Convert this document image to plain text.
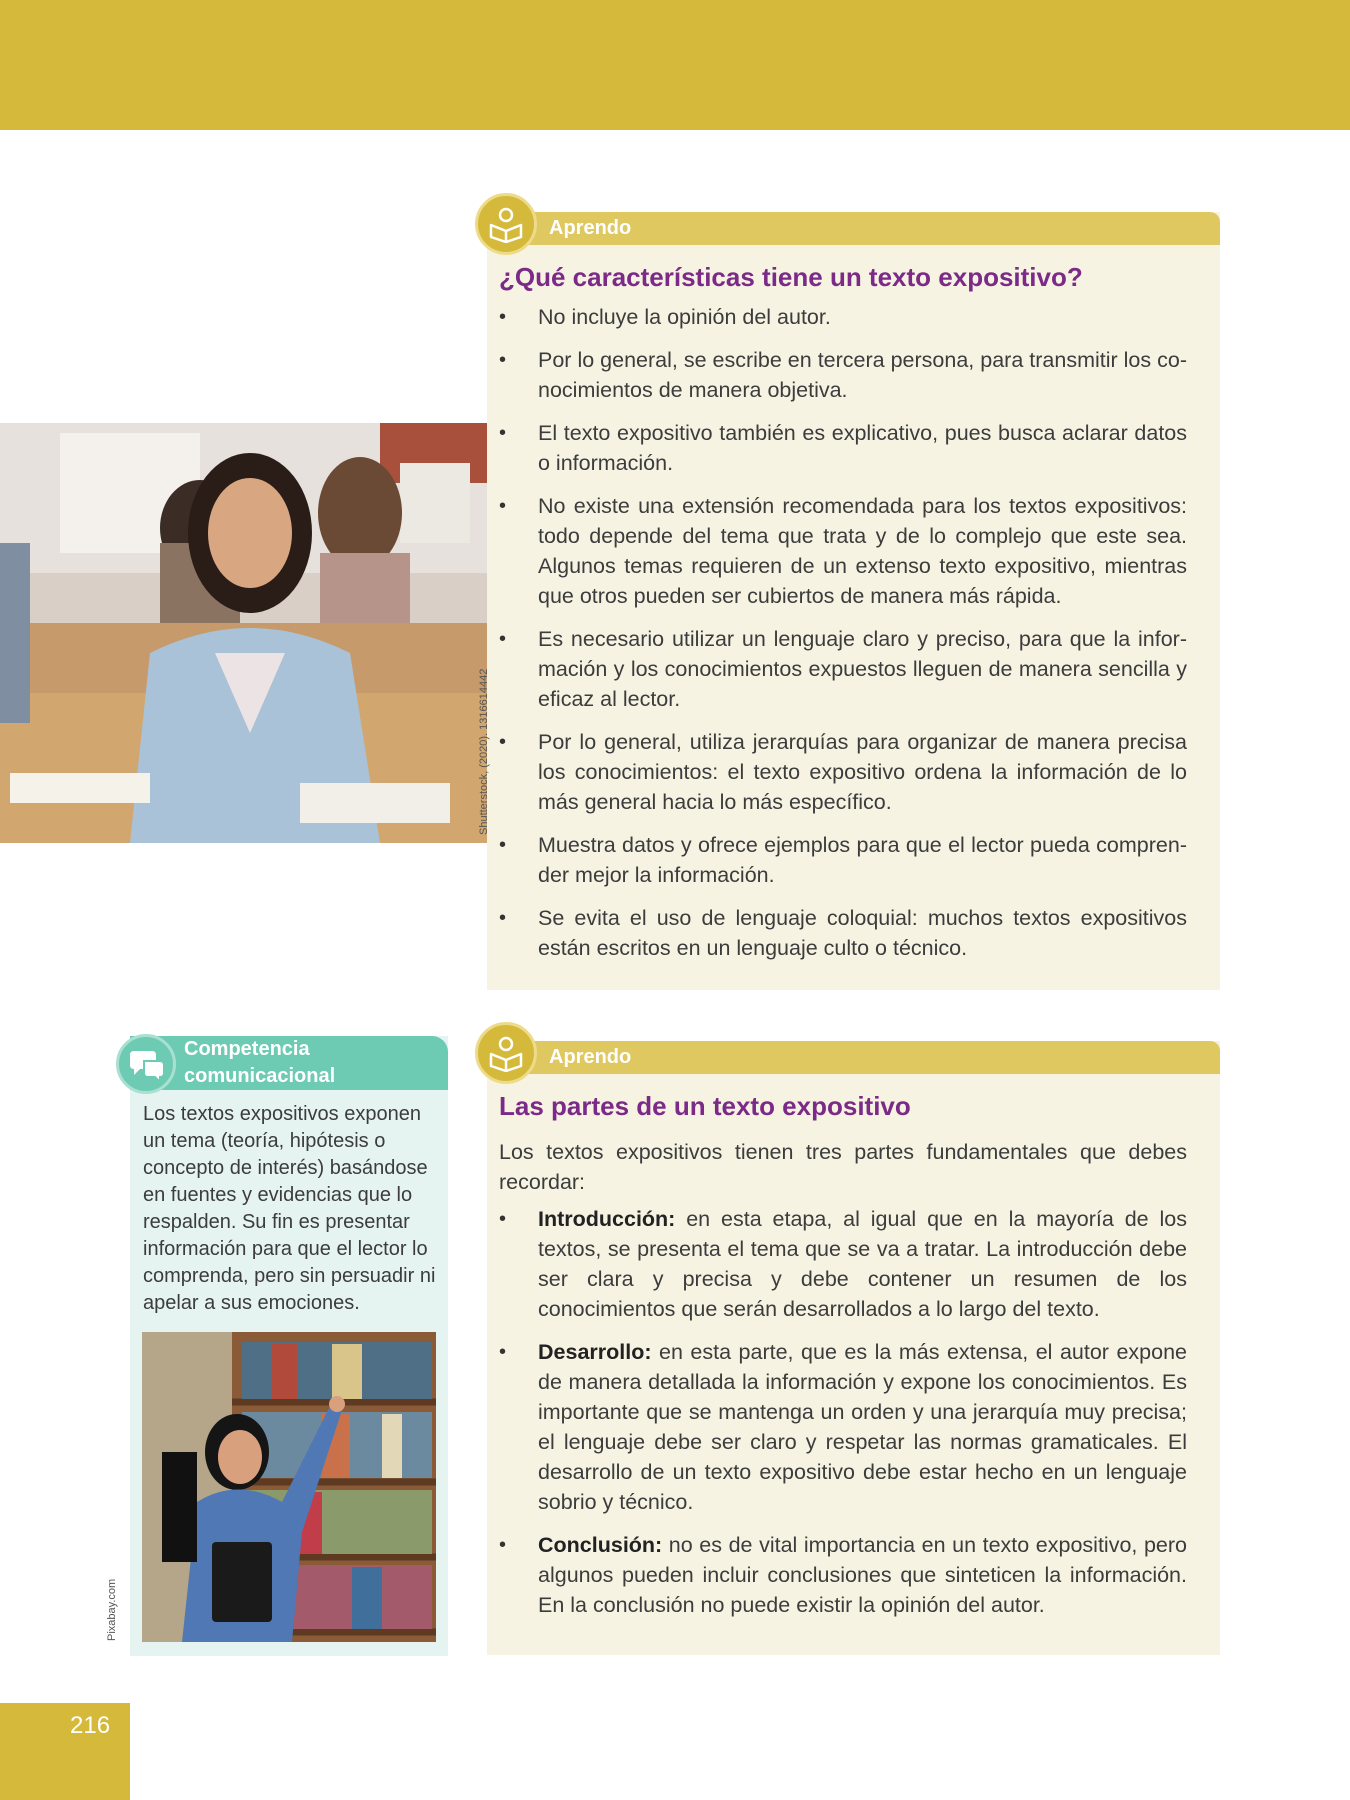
Aprendo
¿Qué características tiene un texto expositivo?
• No incluye la opinión del autor.
• Por lo general, se escribe en tercera persona, para transmitir los conocimientos de manera objetiva.
• El texto expositivo también es explicativo, pues busca aclarar datos o información.
• No existe una extensión recomendada para los textos expositivos: todo depende del tema que trata y de lo complejo que este sea. Algunos temas requieren de un extenso texto expositivo, mientras que otros pueden ser cubiertos de manera más rápida.
• Es necesario utilizar un lenguaje claro y preciso, para que la información y los conocimientos expuestos lleguen de manera sencilla y eficaz al lector.
• Por lo general, utiliza jerarquías para organizar de manera precisa los conocimientos: el texto expositivo ordena la información de lo más general hacia lo más específico.
• Muestra datos y ofrece ejemplos para que el lector pueda comprender mejor la información.
• Se evita el uso de lenguaje coloquial: muchos textos expositivos están escritos en un lenguaje culto o técnico.
Shutterstock, (2020). 1316614442
Competencia
comunicacional
Los textos expositivos exponen un tema (teoría, hipótesis o concepto de interés) basándose en fuentes y evidencias que lo respalden. Su fin es presentar información para que el lector lo comprenda, pero sin persuadir ni apelar a sus emociones.
Pixabay.com
Aprendo
Las partes de un texto expositivo
Los textos expositivos tienen tres partes fundamentales que debes recordar:
• Introducción: en esta etapa, al igual que en la mayoría de los textos, se presenta el tema que se va a tratar. La introducción debe ser clara y precisa y debe contener un resumen de los conocimientos que serán desarrollados a lo largo del texto.
• Desarrollo: en esta parte, que es la más extensa, el autor expone de manera detallada la información y expone los conocimientos. Es importante que se mantenga un orden y una jerarquía muy precisa; el lenguaje debe ser claro y respetar las normas gramaticales. El desarrollo de un texto expositivo debe estar hecho en un lenguaje sobrio y técnico.
• Conclusión: no es de vital importancia en un texto expositivo, pero algunos pueden incluir conclusiones que sinteticen la información. En la conclusión no puede existir la opinión del autor.
216
